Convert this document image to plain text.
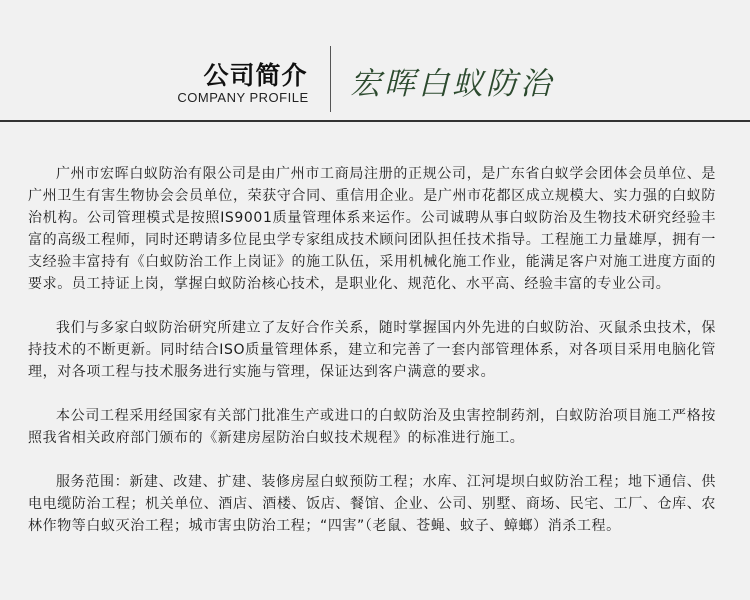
公司简介
COMPANY PROFILE	宏晖白蚁防治

广州市宏晖白蚁防治有限公司是由广州市工商局注册的正规公司，是广东省白蚁学会团体会员单位、是广州卫生有害生物协会会员单位，荣获守合同、重信用企业。是广州市花都区成立规模大、实力强的白蚁防治机构。公司管理模式是按照IS9001质量管理体系来运作。公司诚聘从事白蚁防治及生物技术研究经验丰富的高级工程师，同时还聘请多位昆虫学专家组成技术顾问团队担任技术指导。工程施工力量雄厚，拥有一支经验丰富持有《白蚁防治工作上岗证》的施工队伍，采用机械化施工作业，能满足客户对施工进度方面的要求。员工持证上岗，掌握白蚁防治核心技术，是职业化、规范化、水平高、经验丰富的专业公司。

我们与多家白蚁防治研究所建立了友好合作关系，随时掌握国内外先进的白蚁防治、灭鼠杀虫技术，保持技术的不断更新。同时结合ISO质量管理体系，建立和完善了一套内部管理体系，对各项目采用电脑化管理，对各项工程与技术服务进行实施与管理，保证达到客户满意的要求。

本公司工程采用经国家有关部门批准生产或进口的白蚁防治及虫害控制药剂，白蚁防治项目施工严格按照我省相关政府部门颁布的《新建房屋防治白蚁技术规程》的标准进行施工。

服务范围：新建、改建、扩建、装修房屋白蚁预防工程；水库、江河堤坝白蚁防治工程；地下通信、供电电缆防治工程；机关单位、酒店、酒楼、饭店、餐馆、企业、公司、别墅、商场、民宅、工厂、仓库、农林作物等白蚁灭治工程；城市害虫防治工程；“四害”（老鼠、苍蝇、蚊子、蟑螂）消杀工程。
